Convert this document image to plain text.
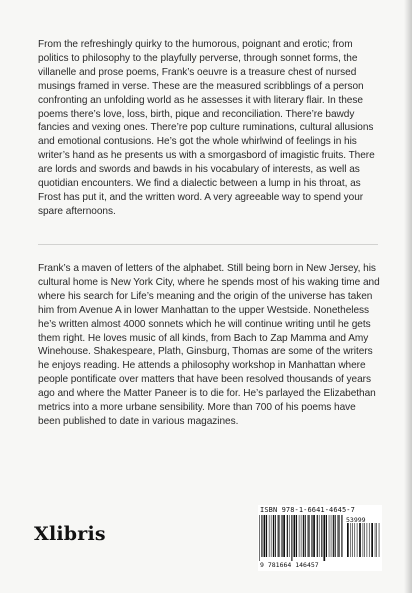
From the refreshingly quirky to the humorous, poignant and erotic; from politics to philosophy to the playfully perverse, through sonnet forms, the villanelle and prose poems, Frank’s oeuvre is a treasure chest of nursed musings framed in verse. These are the measured scribblings of a person confronting an unfolding world as he assesses it with literary flair. In these poems there’s love, loss, birth, pique and reconciliation. There’re bawdy fancies and vexing ones. There’re pop culture ruminations, cultural allusions and emotional contusions. He’s got the whole whirlwind of feelings in his writer’s hand as he presents us with a smorgasbord of imagistic fruits. There are lords and swords and bawds in his vocabulary of interests, as well as quotidian encounters. We find a dialectic between a lump in his throat, as Frost has put it, and the written word. A very agreeable way to spend your spare afternoons.

Frank’s a maven of letters of the alphabet. Still being born in New Jersey, his cultural home is New York City, where he spends most of his waking time and where his search for Life’s meaning and the origin of the universe has taken him from Avenue A in lower Manhattan to the upper Westside. Nonetheless he’s written almost 4000 sonnets which he will continue writing until he gets them right. He loves music of all kinds, from Bach to Zap Mamma and Amy Winehouse. Shakespeare, Plath, Ginsburg, Thomas are some of the writers he enjoys reading. He attends a philosophy workshop in Manhattan where people pontificate over matters that have been resolved thousands of years ago and where the Matter Paneer is to die for. He’s parlayed the Elizabethan metrics into a more urbane sensibility. More than 700 of his poems have been published to date in various magazines.

Xlibris
ISBN 978-1-6641-4645-7
53999
9 781664 146457
